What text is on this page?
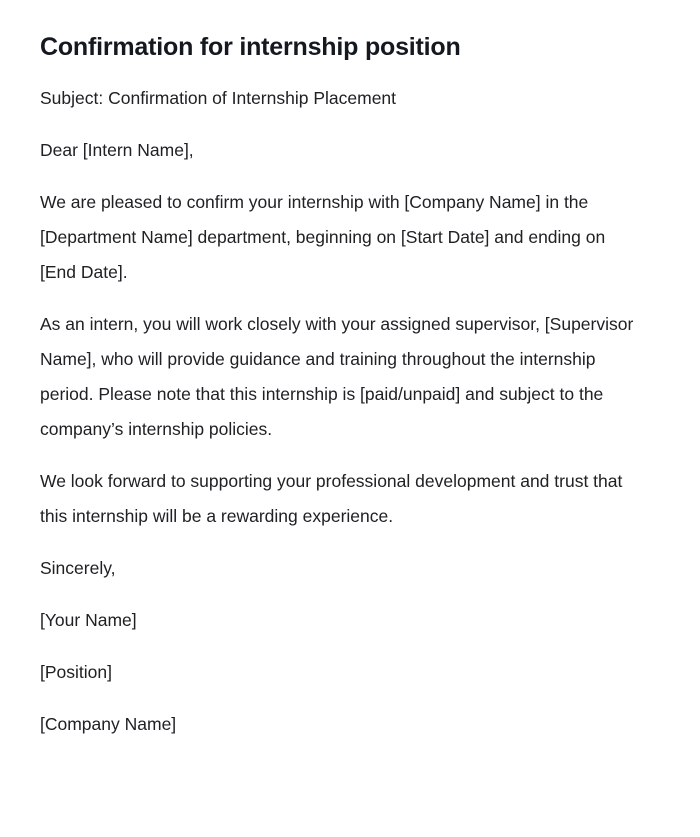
Confirmation for internship position

Subject: Confirmation of Internship Placement

Dear [Intern Name],

We are pleased to confirm your internship with [Company Name] in the [Department Name] department, beginning on [Start Date] and ending on [End Date].

As an intern, you will work closely with your assigned supervisor, [Supervisor Name], who will provide guidance and training throughout the internship period. Please note that this internship is [paid/unpaid] and subject to the company’s internship policies.

We look forward to supporting your professional development and trust that this internship will be a rewarding experience.

Sincerely,

[Your Name]

[Position]

[Company Name]
